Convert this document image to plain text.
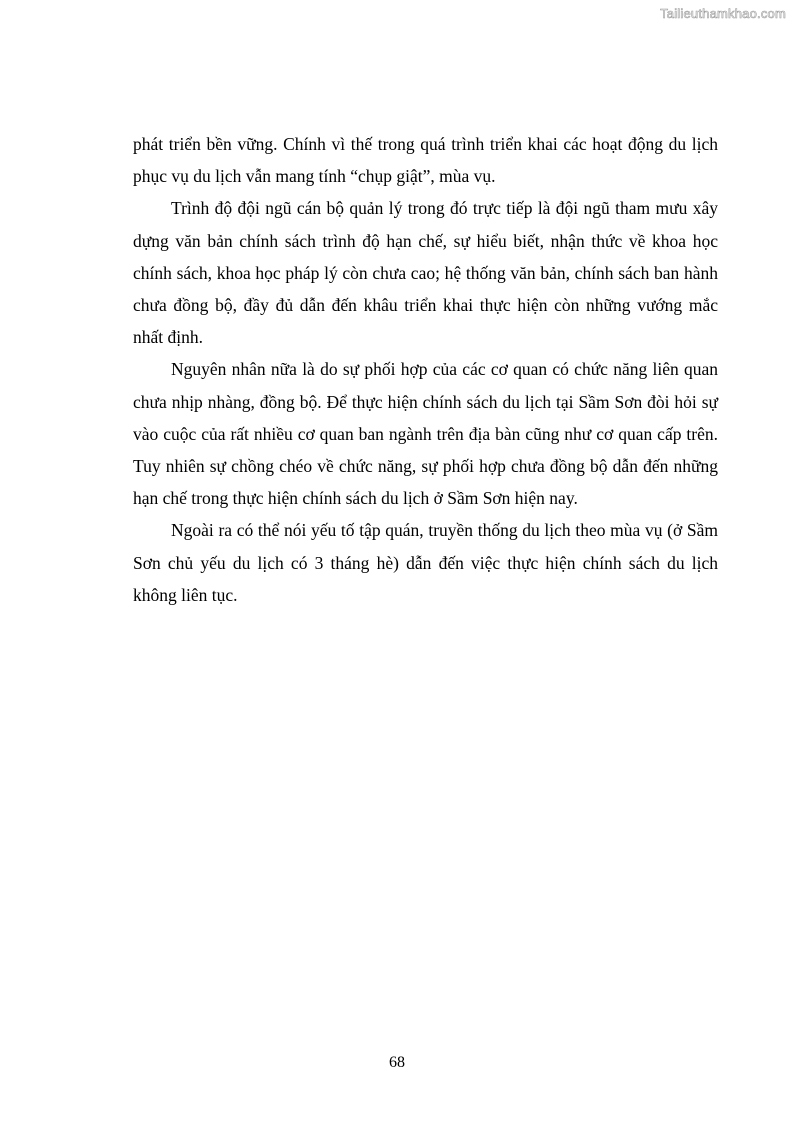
Tailieuthamkhao.com

phát triển bền vững. Chính vì thế trong quá trình triển khai các hoạt động du lịch phục vụ du lịch vẫn mang tính “chụp giật”, mùa vụ.

Trình độ đội ngũ cán bộ quản lý trong đó trực tiếp là đội ngũ tham mưu xây dựng văn bản chính sách trình độ hạn chế, sự hiểu biết, nhận thức về khoa học chính sách, khoa học pháp lý còn chưa cao; hệ thống văn bản, chính sách ban hành chưa đồng bộ, đầy đủ dẫn đến khâu triển khai thực hiện còn những vướng mắc nhất định.

Nguyên nhân nữa là do sự phối hợp của các cơ quan có chức năng liên quan chưa nhịp nhàng, đồng bộ. Để thực hiện chính sách du lịch tại Sầm Sơn đòi hỏi sự vào cuộc của rất nhiều cơ quan ban ngành trên địa bàn cũng như cơ quan cấp trên. Tuy nhiên sự chồng chéo về chức năng, sự phối hợp chưa đồng bộ dẫn đến những hạn chế trong thực hiện chính sách du lịch ở Sầm Sơn hiện nay.

Ngoài ra có thể nói yếu tố tập quán, truyền thống du lịch theo mùa vụ (ở Sầm Sơn chủ yếu du lịch có 3 tháng hè) dẫn đến việc thực hiện chính sách du lịch không liên tục.

68
